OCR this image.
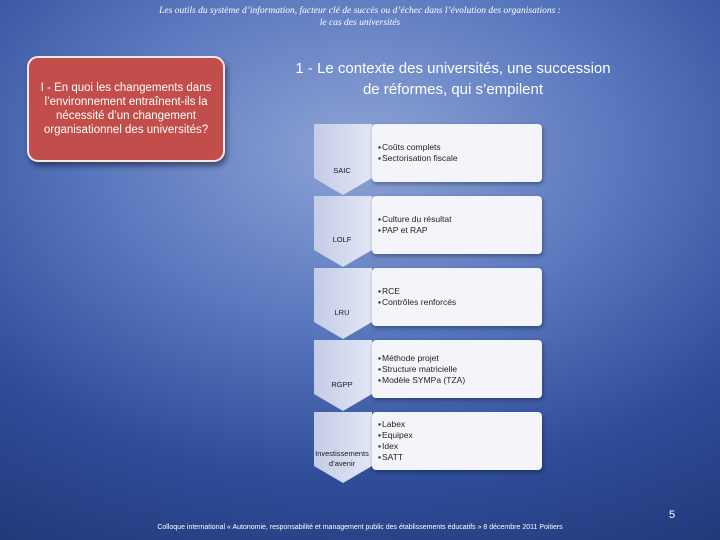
Les outils du système d’information, facteur clé de succès ou d’échec dans l’évolution des organisations :
le cas des universités
I - En quoi les changements dans l’environnement entraînent-ils la nécessité d’un changement organisationnel des universités?
1 - Le contexte des universités, une succession de réformes, qui s’empilent
SAIC
LOLF
LRU
RGPP
Investissements d’avenir
▪ Coûts complets
▪ Sectorisation fiscale
▪ Culture du résultat
▪ PAP et RAP
▪ RCE
▪ Contrôles renforcés
▪ Méthode projet
▪ Structure matricielle
▪ Modèle SYMPa (TZA)
▪ Labex
▪ Equipex
▪ Idex
▪ SATT
5
Colloque international « Autonomie, responsabilité et management public des établissements éducatifs » 8 décembre 2011 Poitiers
